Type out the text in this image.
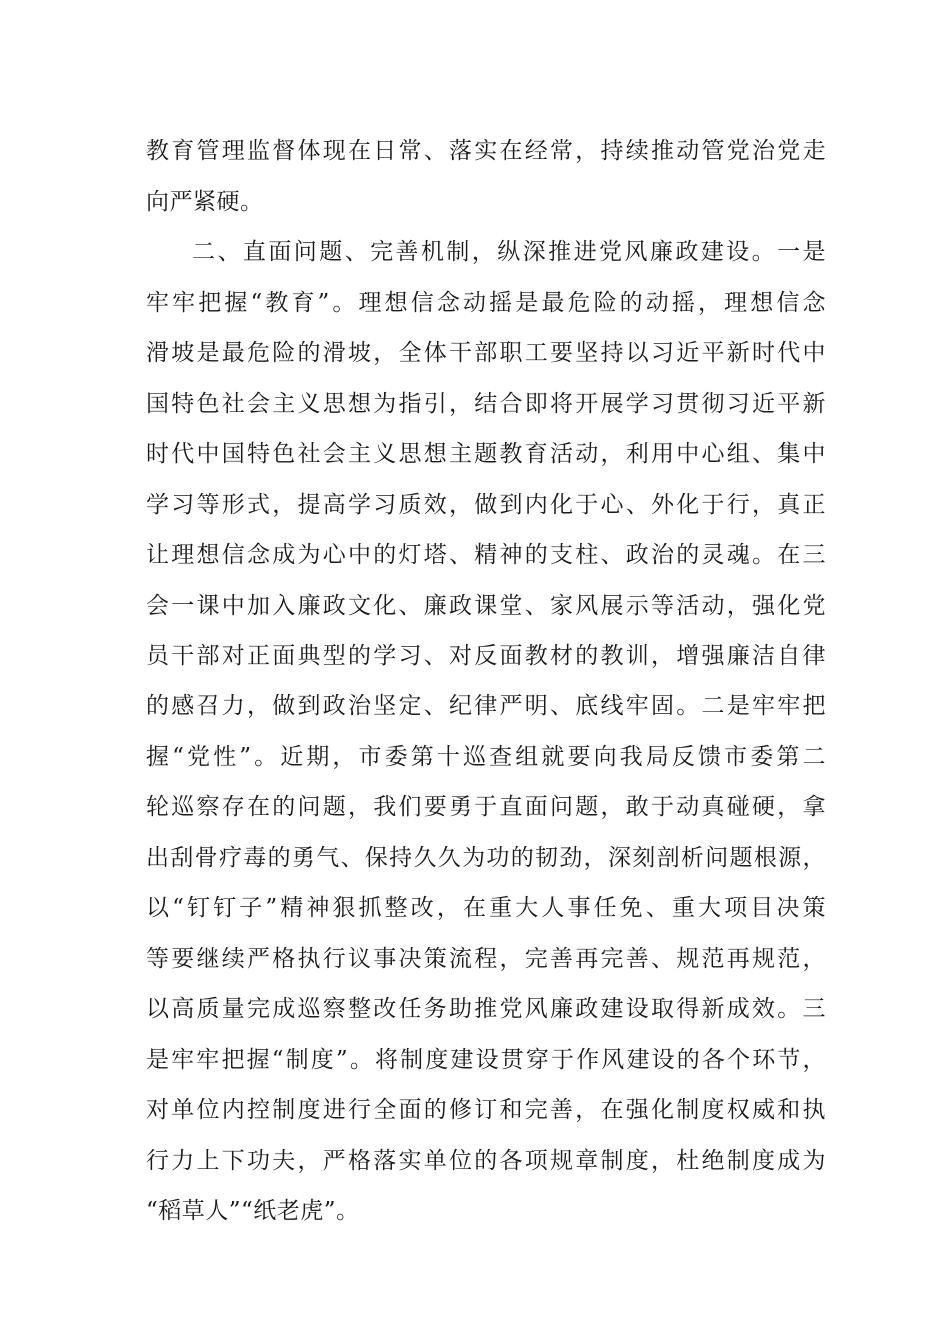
教育管理监督体现在日常、落实在经常，持续推动管党治党走

向严紧硬。

二、直面问题、完善机制，纵深推进党风廉政建设。一是

牢牢把握“教育”。理想信念动摇是最危险的动摇，理想信念

滑坡是最危险的滑坡，全体干部职工要坚持以习近平新时代中

国特色社会主义思想为指引，结合即将开展学习贯彻习近平新

时代中国特色社会主义思想主题教育活动，利用中心组、集中

学习等形式，提高学习质效，做到内化于心、外化于行，真正

让理想信念成为心中的灯塔、精神的支柱、政治的灵魂。在三

会一课中加入廉政文化、廉政课堂、家风展示等活动，强化党

员干部对正面典型的学习、对反面教材的教训，增强廉洁自律

的感召力，做到政治坚定、纪律严明、底线牢固。二是牢牢把

握“党性”。近期，市委第十巡查组就要向我局反馈市委第二

轮巡察存在的问题，我们要勇于直面问题，敢于动真碰硬，拿

出刮骨疗毒的勇气、保持久久为功的韧劲，深刻剖析问题根源，

以“钉钉子”精神狠抓整改，在重大人事任免、重大项目决策

等要继续严格执行议事决策流程，完善再完善、规范再规范，

以高质量完成巡察整改任务助推党风廉政建设取得新成效。三

是牢牢把握“制度”。将制度建设贯穿于作风建设的各个环节，

对单位内控制度进行全面的修订和完善，在强化制度权威和执

行力上下功夫，严格落实单位的各项规章制度，杜绝制度成为

“稻草人”“纸老虎”。
